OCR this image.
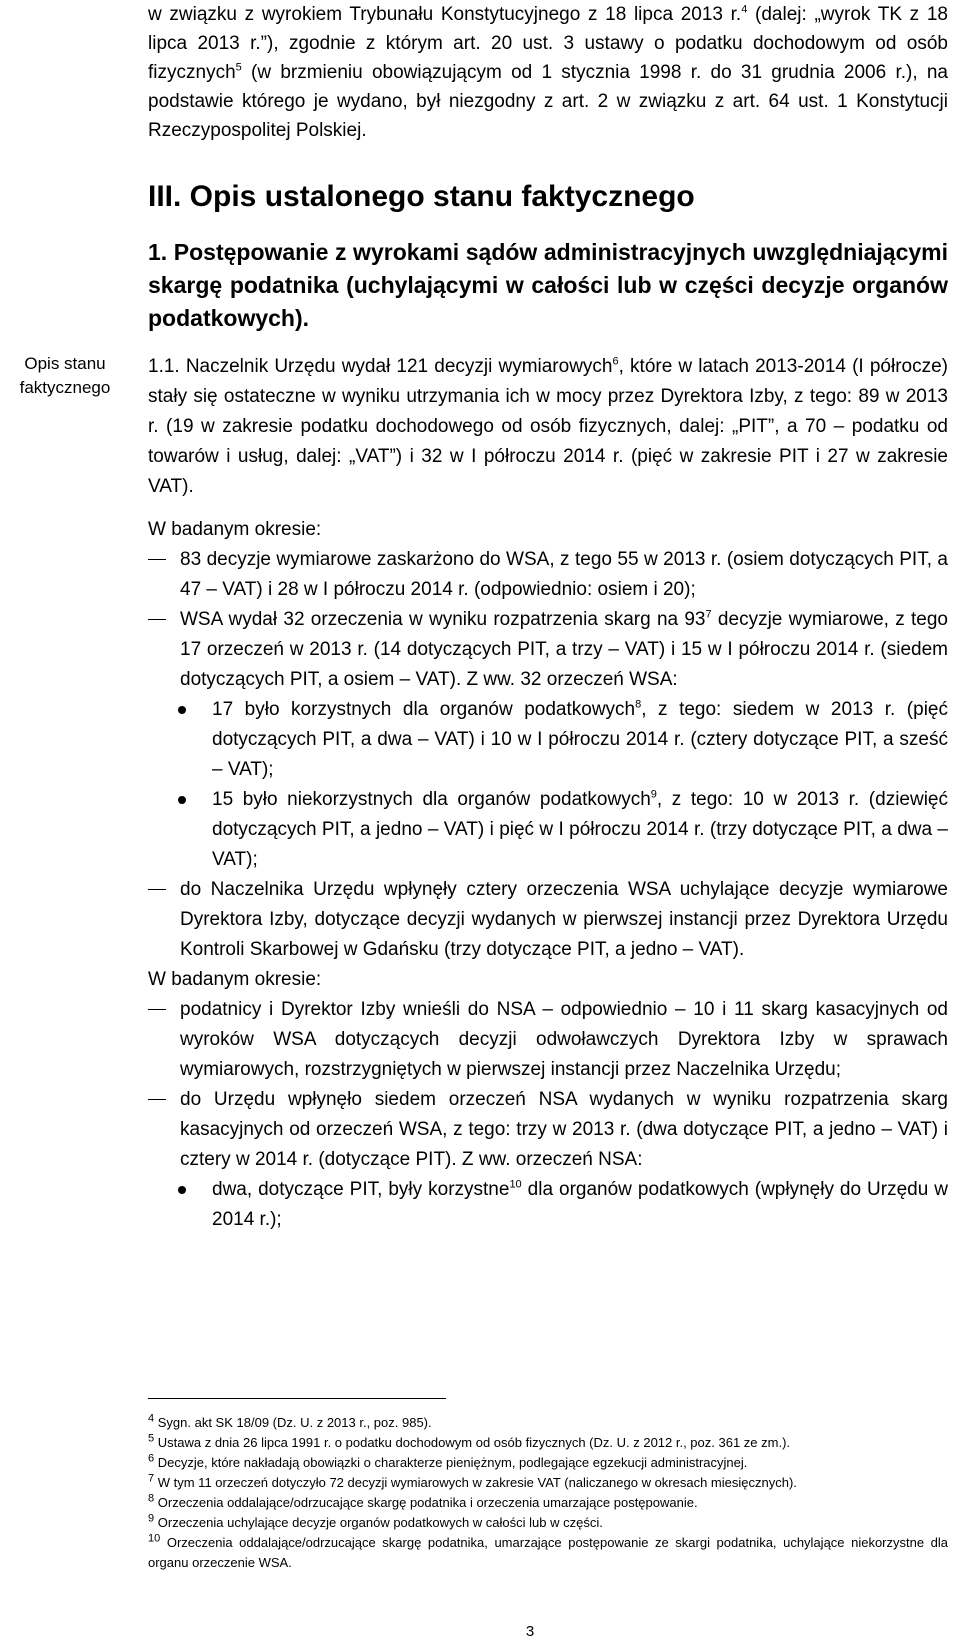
w związku z wyrokiem Trybunału Konstytucyjnego z 18 lipca 2013 r.$^4$ (dalej: „wyrok TK z 18 lipca 2013 r.”), zgodnie z którym art. 20 ust. 3 ustawy o podatku dochodowym od osób fizycznych$^5$ (w brzmieniu obowiązującym od 1 stycznia 1998 r. do 31 grudnia 2006 r.), na podstawie którego je wydano, był niezgodny z art. 2 w związku z art. 64 ust. 1 Konstytucji Rzeczypospolitej Polskiej.
III. Opis ustalonego stanu faktycznego
1. Postępowanie z wyrokami sądów administracyjnych uwzględniającymi skargę podatnika (uchylającymi w całości lub w części decyzje organów podatkowych).
Opis stanu
faktycznego

1.1. Naczelnik Urzędu wydał 121 decyzji wymiarowych$^6$, które w latach 2013-2014 (I półrocze) stały się ostateczne w wyniku utrzymania ich w mocy przez Dyrektora Izby, z tego: 89 w 2013 r. (19 w zakresie podatku dochodowego od osób fizycznych, dalej: „PIT”, a 70 – podatku od towarów i usług, dalej: „VAT”) i 32 w I półroczu 2014 r. (pięć w zakresie PIT i 27 w zakresie VAT).

W badanym okresie:

83 decyzje wymiarowe zaskarżono do WSA, z tego 55 w 2013 r. (osiem dotyczących PIT, a 47 – VAT) i 28 w I półroczu 2014 r. (odpowiednio: osiem i 20);
WSA wydał 32 orzeczenia w wyniku rozpatrzenia skarg na $93^7$ decyzje wymiarowe, z tego 17 orzeczeń w 2013 r. (14 dotyczących PIT, a trzy – VAT) i 15 w I półroczu 2014 r. (siedem dotyczących PIT, a osiem – VAT). Z ww. 32 orzeczeń WSA:
17 było korzystnych dla organów podatkowych$^8$, z tego: siedem w 2013 r. (pięć dotyczących PIT, a dwa – VAT) i 10 w I półroczu 2014 r. (cztery dotyczące PIT, a sześć – VAT);
15 było niekorzystnych dla organów podatkowych$^9$, z tego: 10 w 2013 r. (dziewięć dotyczących PIT, a jedno – VAT) i pięć w I półroczu 2014 r. (trzy dotyczące PIT, a dwa – VAT);
do Naczelnika Urzędu wpłynęły cztery orzeczenia WSA uchylające decyzje wymiarowe Dyrektora Izby, dotyczące decyzji wydanych w pierwszej instancji przez Dyrektora Urzędu Kontroli Skarbowej w Gdańsku (trzy dotyczące PIT, a jedno – VAT).

W badanym okresie:

podatnicy i Dyrektor Izby wnieśli do NSA – odpowiednio – 10 i 11 skarg kasacyjnych od wyroków WSA dotyczących decyzji odwoławczych Dyrektora Izby w sprawach wymiarowych, rozstrzygniętych w pierwszej instancji przez Naczelnika Urzędu;
do Urzędu wpłynęło siedem orzeczeń NSA wydanych w wyniku rozpatrzenia skarg kasacyjnych od orzeczeń WSA, z tego: trzy w 2013 r. (dwa dotyczące PIT, a jedno – VAT) i cztery w 2014 r. (dotyczące PIT). Z ww. orzeczeń NSA:
dwa, dotyczące PIT, były korzystne$^{10}$ dla organów podatkowych (wpłynęły do Urzędu w 2014 r.);

$^4$ Sygn. akt SK 18/09 (Dz. U. z 2013 r., poz. 985).

$^5$ Ustawa z dnia 26 lipca 1991 r. o podatku dochodowym od osób fizycznych (Dz. U. z 2012 r., poz. 361 ze zm.).

$^6$ Decyzje, które nakładają obowiązki o charakterze pieniężnym, podlegające egzekucji administracyjnej.

$^7$ W tym 11 orzeczeń dotyczyło 72 decyzji wymiarowych w zakresie VAT (naliczanego w okresach miesięcznych).

$^8$ Orzeczenia oddalające/odrzucające skargę podatnika i orzeczenia umarzające postępowanie.

$^9$ Orzeczenia uchylające decyzje organów podatkowych w całości lub w części.

$^{10}$ Orzeczenia oddalające/odrzucające skargę podatnika, umarzające postępowanie ze skargi podatnika, uchylające niekorzystne dla organu orzeczenie WSA.

3
